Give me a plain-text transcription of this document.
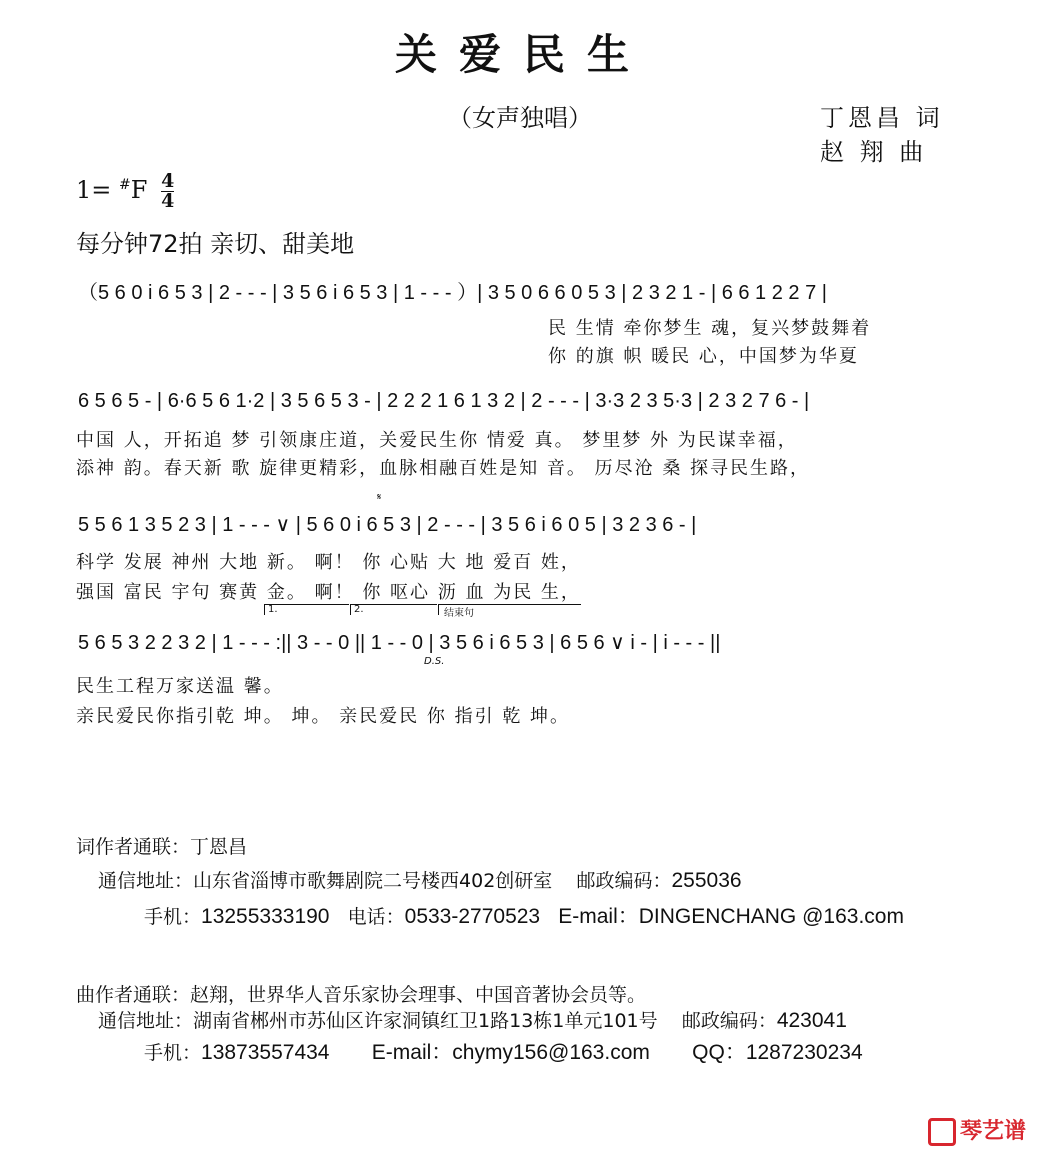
关爱民生
（女声独唱）	丁恩昌 词
赵 翔 曲
$1= ^{\#}F \frac{4}{4}$
每分钟72拍 亲切、甜美地
（5 6 0 i 6 5 3 | 2 - - - | 3 5 6 i 6 5 3 | 1 - - - ）| 3 5 0 6 6 0 5 3 | 2 3 2 1 - | 6 6 1 2 2 7 |
民 生情 牵你梦生 魂，复兴梦鼓舞着
你 的旗 帜 暖民 心，中国梦为华夏
6 5 6 5 - | 6·6 5 6 1·2 | 3 5 6 5 3 - | 2 2 2 1 6 1 3 2 | 2 - - - | 3·3 2 3 5·3 | 2 3 2 7 6 - |
中国 人，开拓追 梦 引领康庄道，关爱民生你 情爱 真。 梦里梦 外 为民谋幸福，
添神 韵。春天新 歌 旋律更精彩，血脉相融百姓是知 音。 历尽沧 桑 探寻民生路，
𝄋
5 5 6 1 3 5 2 3 | 1 - - - ∨ | 5 6 0 i 6 5 3 | 2 - - - | 3 5 6 i 6 0 5 | 3 2 3 6 - |
科学 发展 神州 大地 新。 啊！ 你 心贴 大 地 爱百 姓，
强国 富民 宇句 赛黄 金。 啊！ 你 呕心 沥 血 为民 生，
1.	2.	结束句
5 6 5 3 2 2 3 2 | 1 - - - :|| 3 - - 0 || 1 - - 0 | 3 5 6 i 6 5 3 | 6 5 6 ∨ i - | i - - - ||
D.S.
民生工程万家送温 馨。
亲民爱民你指引乾 坤。 坤。 亲民爱民 你 指引 乾 坤。
词作者通联：丁恩昌
通信地址：山东省淄博市歌舞剧院二号楼西402创研室 邮政编码：255036
手机：13255333190 电话：0533-2770523 E-mail：DINGENCHANG @163.com
曲作者通联：赵翔，世界华人音乐家协会理事、中国音著协会员等。
通信地址：湖南省郴州市苏仙区许家洞镇红卫1路13栋1单元101号 邮政编码：423041
手机：13873557434 E-mail：chymy156@163.com QQ：1287230234
琴艺谱
